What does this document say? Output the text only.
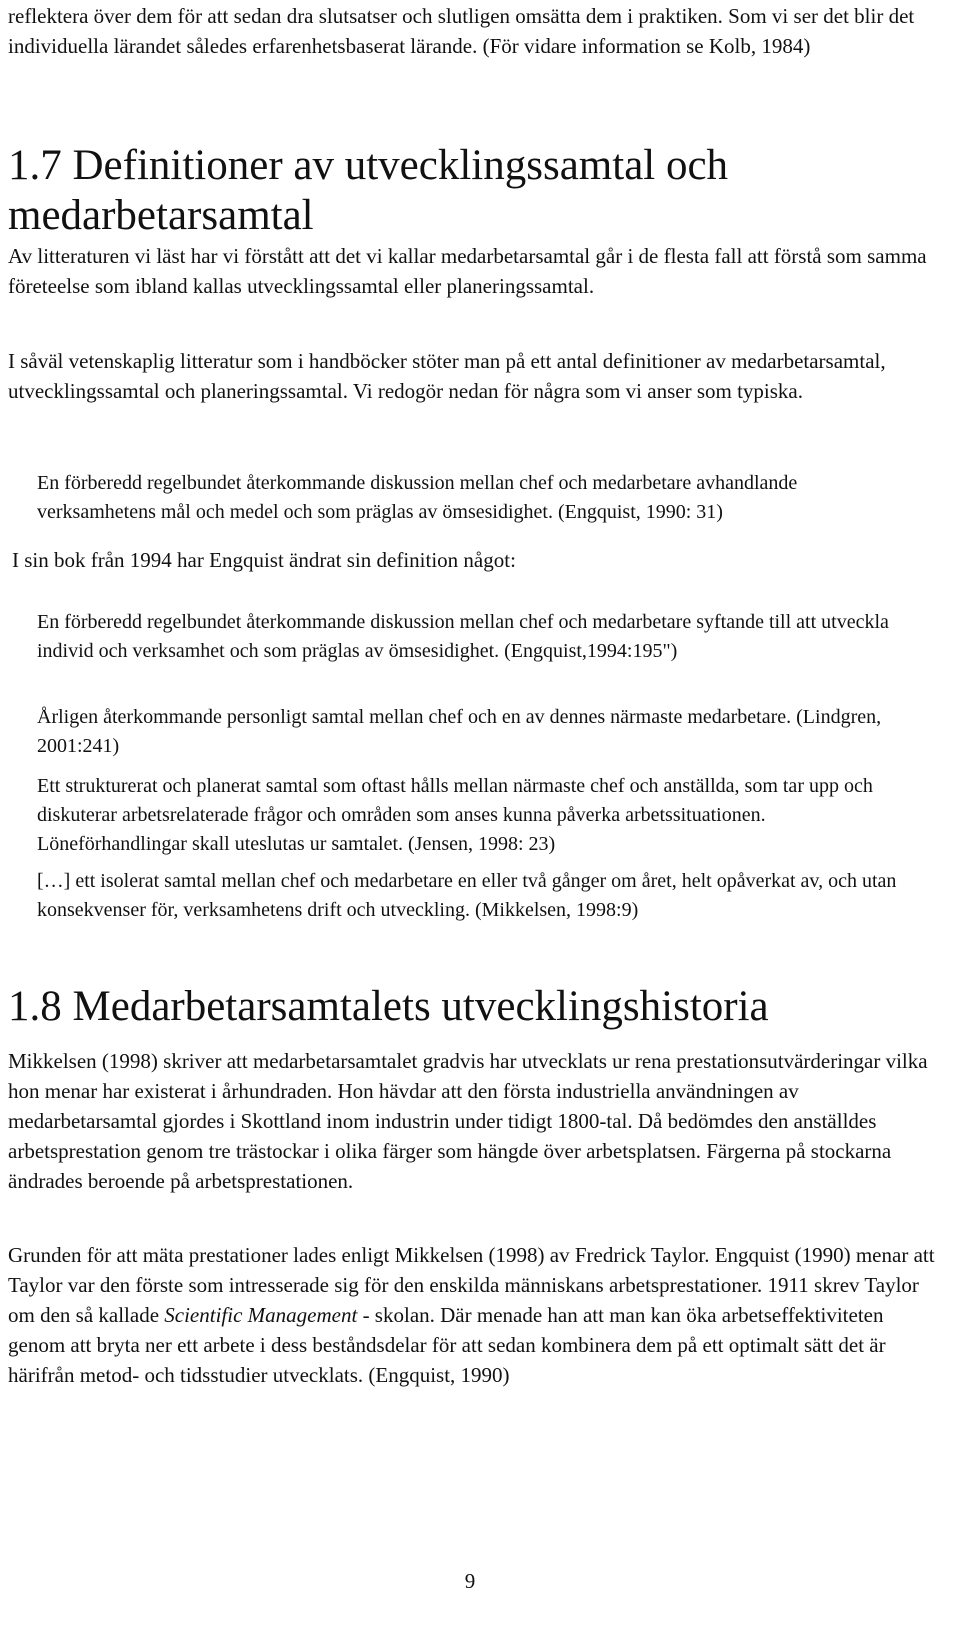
reflektera över dem för att sedan dra slutsatser och slutligen omsätta dem i praktiken. Som vi ser det blir det individuella lärandet således erfarenhetsbaserat lärande. (För vidare information se Kolb, 1984)

1.7 Definitioner av utvecklingssamtal och medarbetarsamtal

Av litteraturen vi läst har vi förstått att det vi kallar medarbetarsamtal går i de flesta fall att förstå som samma företeelse som ibland kallas utvecklingssamtal eller planeringssamtal.

I såväl vetenskaplig litteratur som i handböcker stöter man på ett antal definitioner av medarbetarsamtal, utvecklingssamtal och planeringssamtal. Vi redogör nedan för några som vi anser som typiska.

En förberedd regelbundet återkommande diskussion mellan chef och medarbetare avhandlande verksamhetens mål och medel och som präglas av ömsesidighet. (Engquist, 1990: 31)

I sin bok från 1994 har Engquist ändrat sin definition något:

En förberedd regelbundet återkommande diskussion mellan chef och medarbetare syftande till att utveckla individ och verksamhet och som präglas av ömsesidighet. (Engquist,1994:195")

Årligen återkommande personligt samtal mellan chef och en av dennes närmaste medarbetare. (Lindgren, 2001:241)

Ett strukturerat och planerat samtal som oftast hålls mellan närmaste chef och anställda, som tar upp och diskuterar arbetsrelaterade frågor och områden som anses kunna påverka arbetssituationen. Löneförhandlingar skall uteslutas ur samtalet. (Jensen, 1998: 23)

[…] ett isolerat samtal mellan chef och medarbetare en eller två gånger om året, helt opåverkat av, och utan konsekvenser för, verksamhetens drift och utveckling. (Mikkelsen, 1998:9)

1.8 Medarbetarsamtalets utvecklingshistoria

Mikkelsen (1998) skriver att medarbetarsamtalet gradvis har utvecklats ur rena prestationsutvärderingar vilka hon menar har existerat i århundraden. Hon hävdar att den första industriella användningen av medarbetarsamtal gjordes i Skottland inom industrin under tidigt 1800-tal. Då bedömdes den anställdes arbetsprestation genom tre trästockar i olika färger som hängde över arbetsplatsen. Färgerna på stockarna ändrades beroende på arbetsprestationen.

Grunden för att mäta prestationer lades enligt Mikkelsen (1998) av Fredrick Taylor. Engquist (1990) menar att Taylor var den förste som intresserade sig för den enskilda människans arbetsprestationer. 1911 skrev Taylor om den så kallade Scientific Management - skolan. Där menade han att man kan öka arbetseffektiviteten genom att bryta ner ett arbete i dess beståndsdelar för att sedan kombinera dem på ett optimalt sätt det är härifrån metod- och tidsstudier utvecklats. (Engquist, 1990)

9
